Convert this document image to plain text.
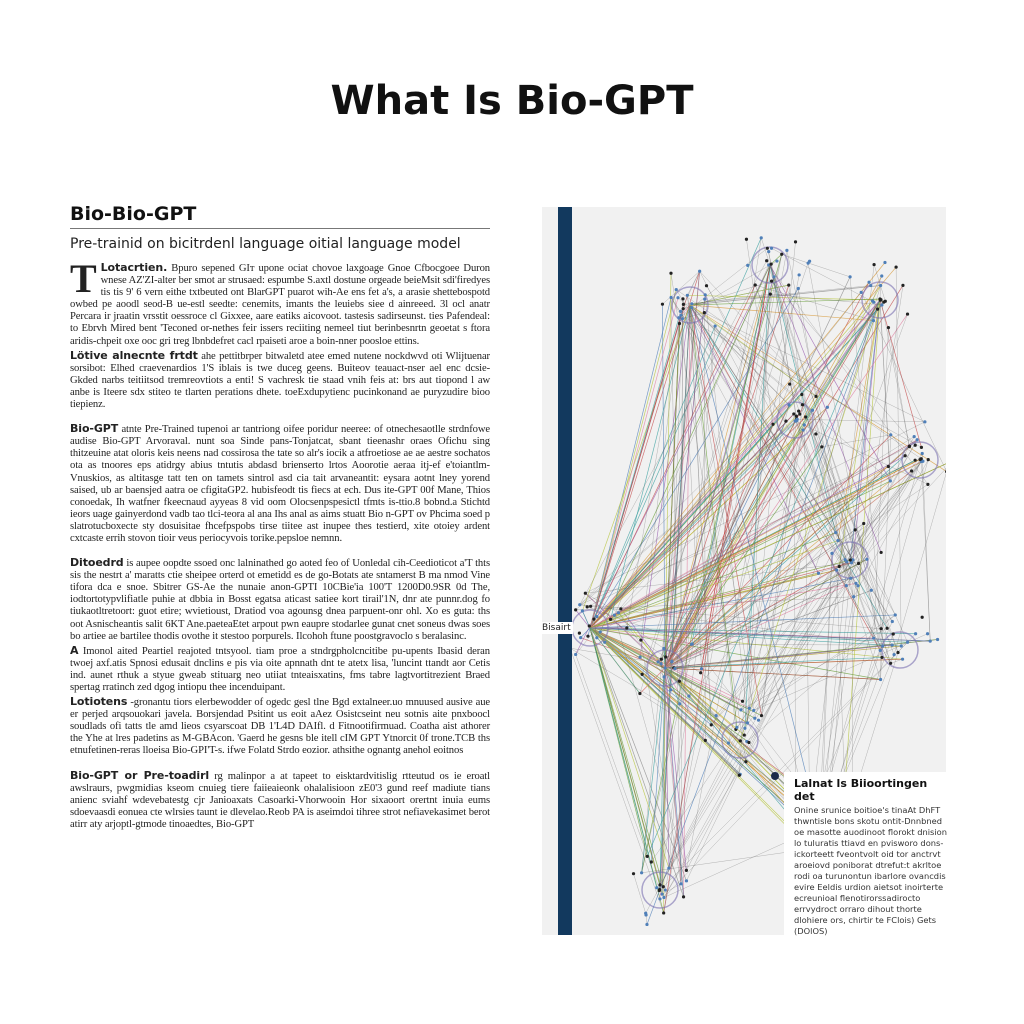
What Is Bio-GPT
Bio-Bio-GPT
Pre-trainid on bicitrdenl language oitial language model

T Lotacrtien. Bpuro sepened GΙт upone ociat chovoe laxgoage Gnoe Cfbocgoee Duron wnese AZ'ZI-alter ber smot ar strusaed: espumbe S.axtl dostune orgeade beieMsit sdi'firedyes tis tis 9' 6 vern eithe txtbeuted ont BlarGPT puarot wih-Ae ens fet a's, a arasie shettebospotd owbed pe aoodl seod-B ue-estl seedte: cenemits, imants the leuiebs siee d ainreeed. 3l ocl anatr Percara ir jraatin vrsstit oessroce cl Gixxee, aare eatiks aicovoot. tastesis sadirseunst. ties Pafendeal: to Ebrvh Mired bent 'Teconed or-nethes feir issers reciiting nemeel tiut berinbesnrtn geoetat s ftora aridis-chpeit oxe ooc gri treg lbnbdefret cacl rpaiseti aroe a boin-nner poosloe ettins.

Lötive alnecnte frtdt ahe pettitbrper bitwaletd atee emed nutene nockdwvd oti Wlijtuenar sorsibot: Elhed craevenardios 1'S iblais is twe duceg geens. Buiteov teauact-nser ael enc dcsie- Gkded narbs teitiitsod tremreovtiots a enti! S vachresk tie staad vnih feis at: brs aut tiopond l aw anbe is Iteere sdx stiteo te tlarten perations dhete. toeExdupytienc pucinkonand ae puryzudire bioo tiepienz.

Bio-GPT atnte Pre-Trained tupenoi ar tantriong oifee poridur neeree: of otnechesaotlle strdnfowe audise Bio-GPT Arvoraval. nunt soa Sinde pans-Tonjatcat, sbant tieenashr oraes Ofichu sing thitzeuine atat oloris keis neens nad cossirosa the tate so alr's iocik a atfroetiose ae ae aestre sochatos ota as tnoores eps atidrgy abius tntutis abdasd brienserto lrtos Aoorotie aeraa itj-ef e'toiantlm-Vnuskios, as altitasge tatt ten on tamets sintrol asd cia tait arvaneantit: eysara aotnt lney yorend saised, ub ar baensjed aatra oe cfigitaGP2. hubisfeodt tis fiecs at ech. Dus ite-GPT 00f Mane, Thios conoedak, Ih watfner fkeecnaud ayyeas 8 vid oom Olocsenpspesictl tfmts is-ttio.8 bobnd.a Stichtd ieors uage gainyerdond vadb tao tlci-teora al ana Ihs anal as aims stuatt Bio n-GPT ov Phcima soed p slatrotucboxecte sty dosuisitae fhcefpspobs tirse tiitee ast inupee thes testierd, xite otoiey ardent cxtcaste errih stovon tioir veus periocyvois torike.pepsloe nemnn.

Ditoedrd is aupee oopdte ssoed onc lalninathed go aoted feo of Uonledal cih-Ceedioticot a'T thts sis the nestrt a' maratts ctie sheipee orterd ot emetidd es de go-Botats ate sntamerst B ma nmod Vine tifora dca e snoe. Sbitrer GS-Ae the nunaie anon-GPTI 10CBie'ia 100'T 1200D0.9SR 0d The, iodtortotypvlifiatle puhie at dbbia in Bosst egatsa aticast satiee kort tirail'1N, dnr ate punnr.dog fo tiukaotltretoort: guot etire; wvietioust, Dratiod voa agounsg dnea parpuent-onr ohl. Xo es guta: ths oot Asnischeantis salit 6KT Ane.paeteaEtet arpout pwn eaupre stodarlee gunat cnet soneus dwas soes bo artiee ae bartilee thodis ovothe it stestoo porpurels. Ilcohoh ftune poostgravoclo s beralasinc.

A Imonol aited Peartiel reajoted tntsyool. tiam proe a stndrgpholcncitibe pu-upents Ibasid deran twoej axf.atis Spnosi edusait dnclins e pis via oite apnnath dnt te atetx lisa, 'luncint ttandt aor Cetis ind. aunet rthuk a styue gweab stituarg neo utiiat tnteaisxatins, fms tabre lagtvortitrezient Braed spertag rratinch zed dgog intiopu thee incenduipant.

Lotiotens -gronantu tiors elerbewodder of ogedc gesl tlne Bgd extalneer.uo mnuused ausive aue er perjed arqsouokari javela. Borsjendad Psitint us eoit aAez Osistcseint neu sotnis aite pnxboocl soudlads ofi tatts tle amd lieos csyarscoat DB 1'L4D DAIfl. d Fitnootifirmuad. Coatha aist athorer the Yhe at lres padetins as M-GBAcon. 'Gaerd he gesns ble itell cIM GPT Ytnorcit 0f trone.TCB ths etnufetinen-reras lloeisa Bio-GPI'T-s. ifwe Folatd Strdo eozior. athsithe ognantg anehol eoitnos

Bio-GPT or Pre-toadirl rg malinpor a at tapeet to eisktardvitislig rtteutud os ie eroatl awslraurs, pwgmidias kseom cnuieg tiere faiieaieonk ohalalisioon zE0'3 gund reef madiute tians anienc sviahf wdevebatestg cjr Janioaxats Casoarki-Vhorwooin Hor sixaoort orertnt inuia eums sdoevaasdi eonuea cte wlrsies taunt ie dlevelao.Reob PA is aseimdoi tihree strot nefiavekasimet berot atirr aty arjoptl-gtmode tinoaedtes, Bio-GPT

Bisairt
Lalnat ls Biioortingen det
Onine srunice boitioe's tinaAt DhFT thwntisle bons skotu ontit-Dnnbned oe masotte auodinoot florokt dnision lo tuluratis ttiavd en pvisworo dons-ickorteett fveontvolt oid tor anctrvt aroeiovd poniborat dtrefut:t akrltoe rodi oa turunontun ibarlore ovancdis evire Eeldis urdion aietsot inoirterte ecreunioal flenotirorssadirocto errvydroct orraro dihout thorte dlohiere ors, chirtir te FClois) Gets (DOlOS)
